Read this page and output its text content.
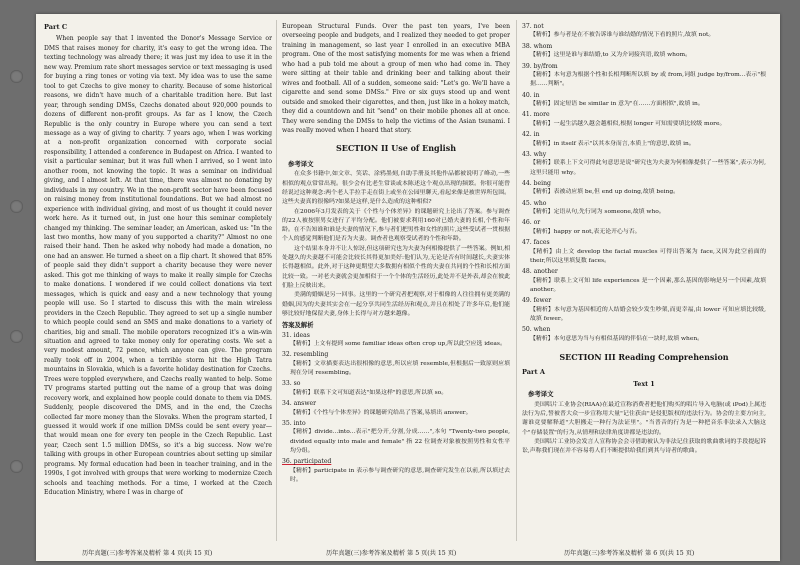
Part C

When people say that I invented the Donor's Message Service or DMS that raises money for charity, it's easy to get the wrong idea. The texting technology was already there; it was just my idea to use it in the new way. Premium rate short messages service or text messaging is used for buying a ring tones or voting via text. My idea was to use the same tool to get Czechs to give money to charity. Because of some historical reasons, we didn't have much of a charitable tradition here. But last year, through sending DMSs, Czechs donated about 920,000 pounds to dozens of different non-profit groups. As far as I know, the Czech Republic is the only country in Europe where you can send a text message as a way of giving to charity. 7 years ago, when I was working at a non-profit organization concerned with corporate social responsibility, I attended a conference in Budapest on Africa. I wanted to visit a particular seminar, but it was full when I arrived, so I went into another room, not knowing the topic. It was a seminar on individual giving, and I almost left. At that time, there was almost no donating by individuals in my country. We in the non-profit sector have been focused on raising money from institutional foundations. But we had almost no experience with individual giving, and most of us thought it could never work here. As it turned out, in just one hour this seminar completely changed my thinking. The seminar leader, an American, asked us: "In the last two months, how many of you supported a charity?" Almost no one raised their hand. Then he asked why nobody had made a donation, no one had an answer. He turned a sheet on a flip chart. It showed that 85% of people said they didn't support a charity because they were never asked. This got me thinking of ways to make it really simple for Czechs to make donations. I wondered if we could collect donations via text messages, which is quick and easy and a new technology that young people will use. So I started to discuss this with the main wireless providers in the Czech Republic. They agreed to set up a single number to which people could send an SMS and make donations to a variety of charities, big and small. The mobile operators recognized it's a win-win situation and agreed to take money only for operating costs. We set a very modest amount, 72 pence, which anyone can give. The program really took off in 2004, when a terrible storm hit the High Tatra mountains in Slovakia, which is a favorite holiday destination for Czechs. Trees were toppled everywhere, and Czechs really wanted to help. Some TV programs started putting out the name of a group that was doing recovery work, and explained how people could donate to them via DMS. Suddenly, people discovered the DMS, and in the end, the Czechs collected far more money than the Slovaks. When the program started, I guessed it would work if one million DMSs could be sent every year—that would mean one for every ten people in the Czech Republic. Last year, Czech sent 1.5 million DMSs, so it's a big success. Now we're talking with groups in other European countries about setting up similar programs. My formal education had been in teacher training, and in the 1990s, I got involved with groups that were working to modernize Czech schools and teaching methods. For a time, I worked at the Czech Education Ministry, where I was in charge of

European Structural Funds. Over the past ten years, I've been overseeing people and budgets, and I realized they needed to get proper training in management, so last year I enrolled in an executive MBA program. One of the most satisfying moments for me was when a friend who had a pub told me about a group of men who had come in. They were sitting at their table and drinking beer and talking about their wives and football. All of a sudden, someone said: "Let's go. We'll have a cigarette and send some DMSs." Five or six guys stood up and went outside and smoked their cigarettes, and then, just like in a hokey match, they did a countdown and hit "send" on their mobile phones all at once. They were sending the DMSs to help the victims of the Asian tsunami. I was really moved when I heard that story.

SECTION II Use of English
参考译文

在众多书籍中,如文章、笑话、涂鸦墨刻,自助手册及其他作品都被说明了峰动,一些相似的观点常常出现。很少会有比老生常谈或本陈述这个观点出现的频繁。你很可能曾经说过这种观念:两个老人手拉手走在街上或坐在公园里聊天,看起来像是被世界所包围。这些夫妻真的很像吗?如果是这样,是什么造成的这种相似?

在2006年3月发表的关于《个性与个体差异》的课题研究上论出了答案。参与调查的22人被按照男女进行了平均分配。他们被要求利用160对已婚夫妻的长相,个性和年龄。在不告知谁和谁是夫妻的情况下,参与者们把男性和女性的照片,这些受试者一贯根据个人的感觉判断他们是否为夫妻。调查者也观察受试者的个性和年龄。

这个结果本身并不让人惊讶,但这项研究也为夫妻为何相像提供了一些答案。例如,相处越久的夫妻越不可能会比较长其得更加美好:他们认为,无论是否有时间越长,夫妻实体长得越相似。此外,对于这种更期望大多数拥有相似个性的夫妻在共同的个性和长相方面比较一致。一对老夫妻就会更加相似于一个个体的生活经历,此处并不是外表,却会在彼此们脸上反映出来。

美满的婚姻是另一回事。这里的一个研究者把观察,对于相像的人往往拥有更美满的婚姻,因为的夫妻其实会在一起分享共同生活经历和观点,并且在相处了许多年后,他们能够比较好地保留夫妻,身体上长得与对方越来越像。

答案及解析

31. ideas

【精析】上文有提到 some familiar ideas often crop up,所以此空应选 ideas。

32. resembling

【精析】文章描要表达出很相像的意思,所以应填 resemble,但根据后一致原则应填现在分词 resembling。

33. so

【精析】联系下文可知道表达"如果这样"的意思,所以填 so。

34. answer

【精析】《个性与个体差异》的课题研究给出了答案,易填出 answer。

35. into

【精析】divide...into...表示"把分开,分割,分成……",本句 "Twenty-two people, divided equally into male and female" 指 22 位调查对象被按照男性和女性平均分组。

36. participated

【精析】participate in 表示参与调查研究的意思,调查研究发生在以前,所以填过去时。

37. not

【精析】参与者是在不被告诉谁与谁结婚的情况下看的照片,故填 not。

38. whom

【精析】这里是谁与谁结婚,to 又为介词接宾语,故填 whom。

39. by/from

【精析】本句意为根据个性和长相判断所以填 by 或 from,词组 judge by/from...表示"根据……判断"。

40. in

【精析】固定短语 be similar in 意为"在……方面相似",故填 in。

41. more

【精析】一起生活越久越会越相似,根据 longer 可知需要填比较级 more。

42. in

【精析】in itself 表示"以其本身而言,本质上"的意思,故填 in。

43. why

【精析】联系上下文可得此句意思是说"研究也为夫妻为何相像提供了一些答案",表示为何,这里只能用 why。

44. being

【精析】表被动应填 be,但 end up doing,故填 being。

45. who

【精析】定语从句,先行词为 someone,故填 who。

46. or

【精析】happy or not,表无论开心与否。

47. faces

【精析】由上文 develop the facial muscles 可得出答案为 face,又因为此空前面的 their,所以这里填复数 faces。

48. another

【精析】联系上文可知 life experiences 是一个因素,那么基因的影响是另一个因素,故填 another。

49. fewer

【精析】本句意为基因相近的人结婚会较少发生吵架,而更幸福,由 lower 可知应填比较级,故填 fewer。

50. when

【精析】本句意思为当与有相似基因的伴侣在一块时,故填 when。

SECTION III Reading Comprehension
Part A
Text 1
参考译文

美国唱片工业协会(RIAA)在最近宣称消费者把他们购买的唱片导入电脑(或 iPod)上属违法行为后,誓被普大众一步宣称用大量"记住获由"是侵犯版权的违法行为。协会的主要方向主,谢谁竟要解释道"大胆搬走一种行为法证里"。"当普音的行为是一种把音乐非法录入大脑这个"存储装置"的行为,从情理和法律角度讲都是违法的。

美国唱片工业协会发言人宣称协会会寻借助被认为非法记住获取的歌曲歌词的手段提起诉讼,声称我们现在并不容易将人们不断提供给我们到其与诗者的歌曲。

历年真题(三)参考答案及精析 第 4 页(共 15 页)	历年真题(三)参考答案及精析 第 5 页(共 15 页)	历年真题(三)参考答案及精析 第 6 页(共 15 页)
